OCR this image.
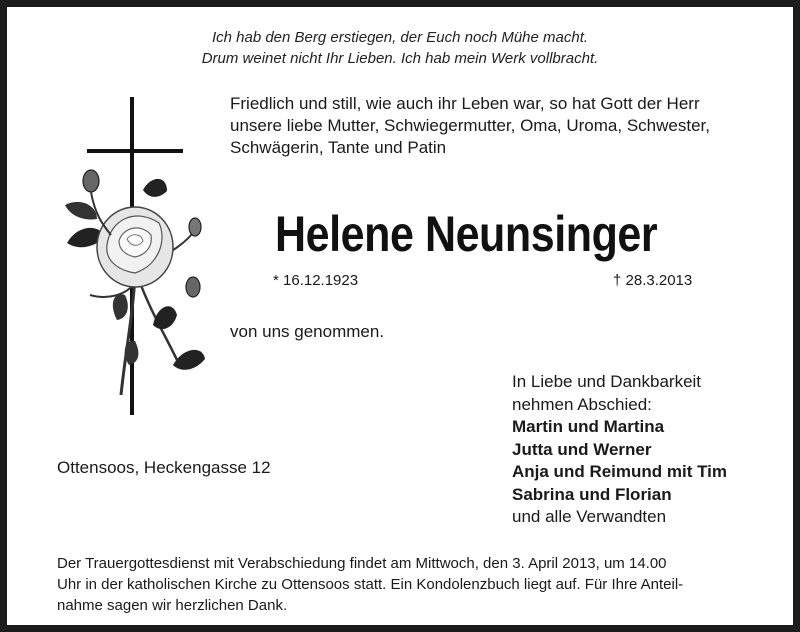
Ich hab den Berg erstiegen, der Euch noch Mühe macht.
Drum weinet nicht Ihr Lieben. Ich hab mein Werk vollbracht.
Friedlich und still, wie auch ihr Leben war, so hat Gott der Herr
unsere liebe Mutter, Schwiegermutter, Oma, Uroma, Schwester,
Schwägerin, Tante und Patin
Helene Neunsinger
* 16.12.1923	† 28.3.2013
von uns genommen.
Ottensoos, Heckengasse 12
In Liebe und Dankbarkeit
nehmen Abschied:
Martin und Martina
Jutta und Werner
Anja und Reimund mit Tim
Sabrina und Florian
und alle Verwandten
Der Trauergottesdienst mit Verabschiedung findet am Mittwoch, den 3. April 2013, um 14.00
Uhr in der katholischen Kirche zu Ottensoos statt. Ein Kondolenzbuch liegt auf. Für Ihre Anteil-
nahme sagen wir herzlichen Dank.
